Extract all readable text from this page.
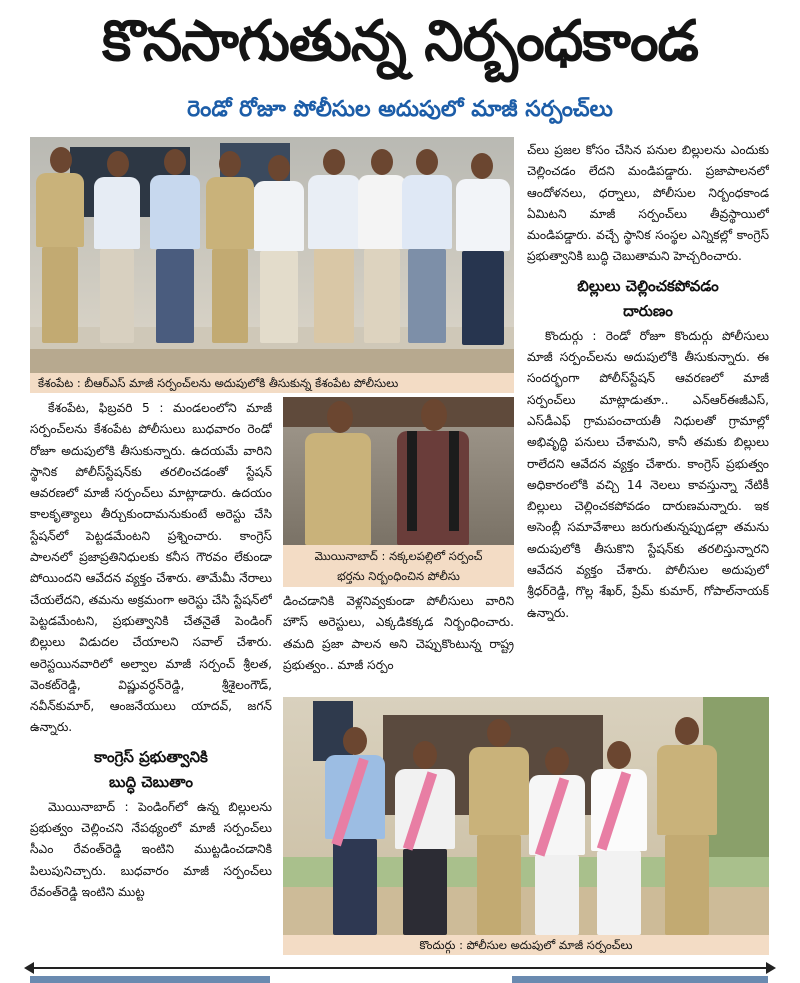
కొనసాగుతున్న నిర్బంధకాండ
రెండో రోజూ పోలీసుల అదుపులో మాజీ సర్పంచ్‌లు
కేశంపేట : బీఆర్‌ఎస్ మాజీ సర్పంచ్‌లను అదుపులోకి తీసుకున్న కేశంపేట పోలీసులు

కేశంపేట, ఫిబ్రవరి 5 : మండలంలోని మాజీ సర్పంచ్‌లను కేశంపేట పోలీసులు బుధవారం రెండో రోజూ అదుపులోకి తీసుకున్నారు. ఉదయమే వారిని స్థానిక పోలీస్‌స్టేషన్‌కు తరలించడంతో స్టేషన్ ఆవరణలో మాజీ సర్పంచ్‌లు మాట్లాడారు. ఉదయం కాలకృత్యాలు తీర్చుకుందామనుకుంటే అరెస్టు చేసి స్టేషన్‌లో పెట్టడమేంటని ప్రశ్నించారు. కాంగ్రెస్ పాలనలో ప్రజాప్రతినిధులకు కనీస గౌరవం లేకుండా పోయిందని ఆవేదన వ్యక్తం చేశారు. తామేమీ నేరాలు చేయలేదని, తమను అక్రమంగా అరెస్టు చేసి స్టేషన్‌లో పెట్టడమేంటని, ప్రభుత్వానికి చేతనైతే పెండింగ్ బిల్లులు విడుదల చేయాలని సవాల్ చేశారు. అరెస్టయినవారిలో అల్వాల మాజీ సర్పంచ్ శ్రీలత, వెంకట్‌రెడ్డి, విష్ణువర్ధన్‌రెడ్డి, శ్రీశైలంగౌడ్, నవీన్‌కుమార్, ఆంజనేయులు యాదవ్, జగన్ ఉన్నారు.

కాంగ్రెస్ ప్రభుత్వానికి
బుద్ధి చెబుతాం

మొయినాబాద్ : పెండింగ్‌లో ఉన్న బిల్లులను ప్రభుత్వం చెల్లించని నేపథ్యంలో మాజీ సర్పంచ్‌లు సీఎం రేవంత్‌రెడ్డి ఇంటిని ముట్టడించడానికి పిలుపునిచ్చారు. బుధవారం మాజీ సర్పంచ్‌లు రేవంత్‌రెడ్డి ఇంటిని ముట్ట

మొయినాబాద్ : నక్కలపల్లిలో సర్పంచ్
భర్తను నిర్బంధించిన పోలీసు

డించడానికి వెళ్లనివ్వకుండా పోలీసులు వారిని హౌస్ అరెస్టులు, ఎక్కడికక్కడ నిర్బంధించారు. తమది ప్రజా పాలన అని చెప్పుకొంటున్న రాష్ట్ర ప్రభుత్వం.. మాజీ సర్పం

చ్‌లు ప్రజల కోసం చేసిన పనుల బిల్లులను ఎందుకు చెల్లించడం లేదని మండిపడ్డారు. ప్రజాపాలనలో ఆందోళనలు, ధర్నాలు, పోలీసుల నిర్బంధకాండ ఏమిటని మాజీ సర్పంచ్‌లు తీవ్రస్థాయిలో మండిపడ్డారు. వచ్చే స్థానిక సంస్థల ఎన్నికల్లో కాంగ్రెస్ ప్రభుత్వానికి బుద్ధి చెబుతామని హెచ్చరించారు.

బిల్లులు చెల్లించకపోవడం
దారుణం

కొందుర్గు : రెండో రోజూ కొందుర్గు పోలీసులు మాజీ సర్పంచ్‌లను అదుపులోకి తీసుకున్నారు. ఈ సందర్భంగా పోలీస్‌స్టేషన్ ఆవరణలో మాజీ సర్పంచ్‌లు మాట్లాడుతూ.. ఎన్ఆర్ఈజీఎస్, ఎస్‌డీఎఫ్ గ్రామపంచాయతీ నిధులతో గ్రామాల్లో అభివృద్ధి పనులు చేశామని, కానీ తమకు బిల్లులు రాలేదని ఆవేదన వ్యక్తం చేశారు. కాంగ్రెస్ ప్రభుత్వం అధికారంలోకి వచ్చి 14 నెలలు కావస్తున్నా నేటికీ బిల్లులు చెల్లించకపోవడం దారుణమన్నారు. ఇక అసెంబ్లీ సమావేశాలు జరుగుతున్నప్పుడల్లా తమను అదుపులోకి తీసుకొని స్టేషన్‌కు తరలిస్తున్నారని ఆవేదన వ్యక్తం చేశారు. పోలీసుల అదుపులో శ్రీధర్‌రెడ్డి, గొల్ల శేఖర్, ప్రేమ్ కుమార్, గోపాల్‌నాయక్ ఉన్నారు.

కొందుర్గు : పోలీసుల అదుపులో మాజీ సర్పంచ్‌లు
